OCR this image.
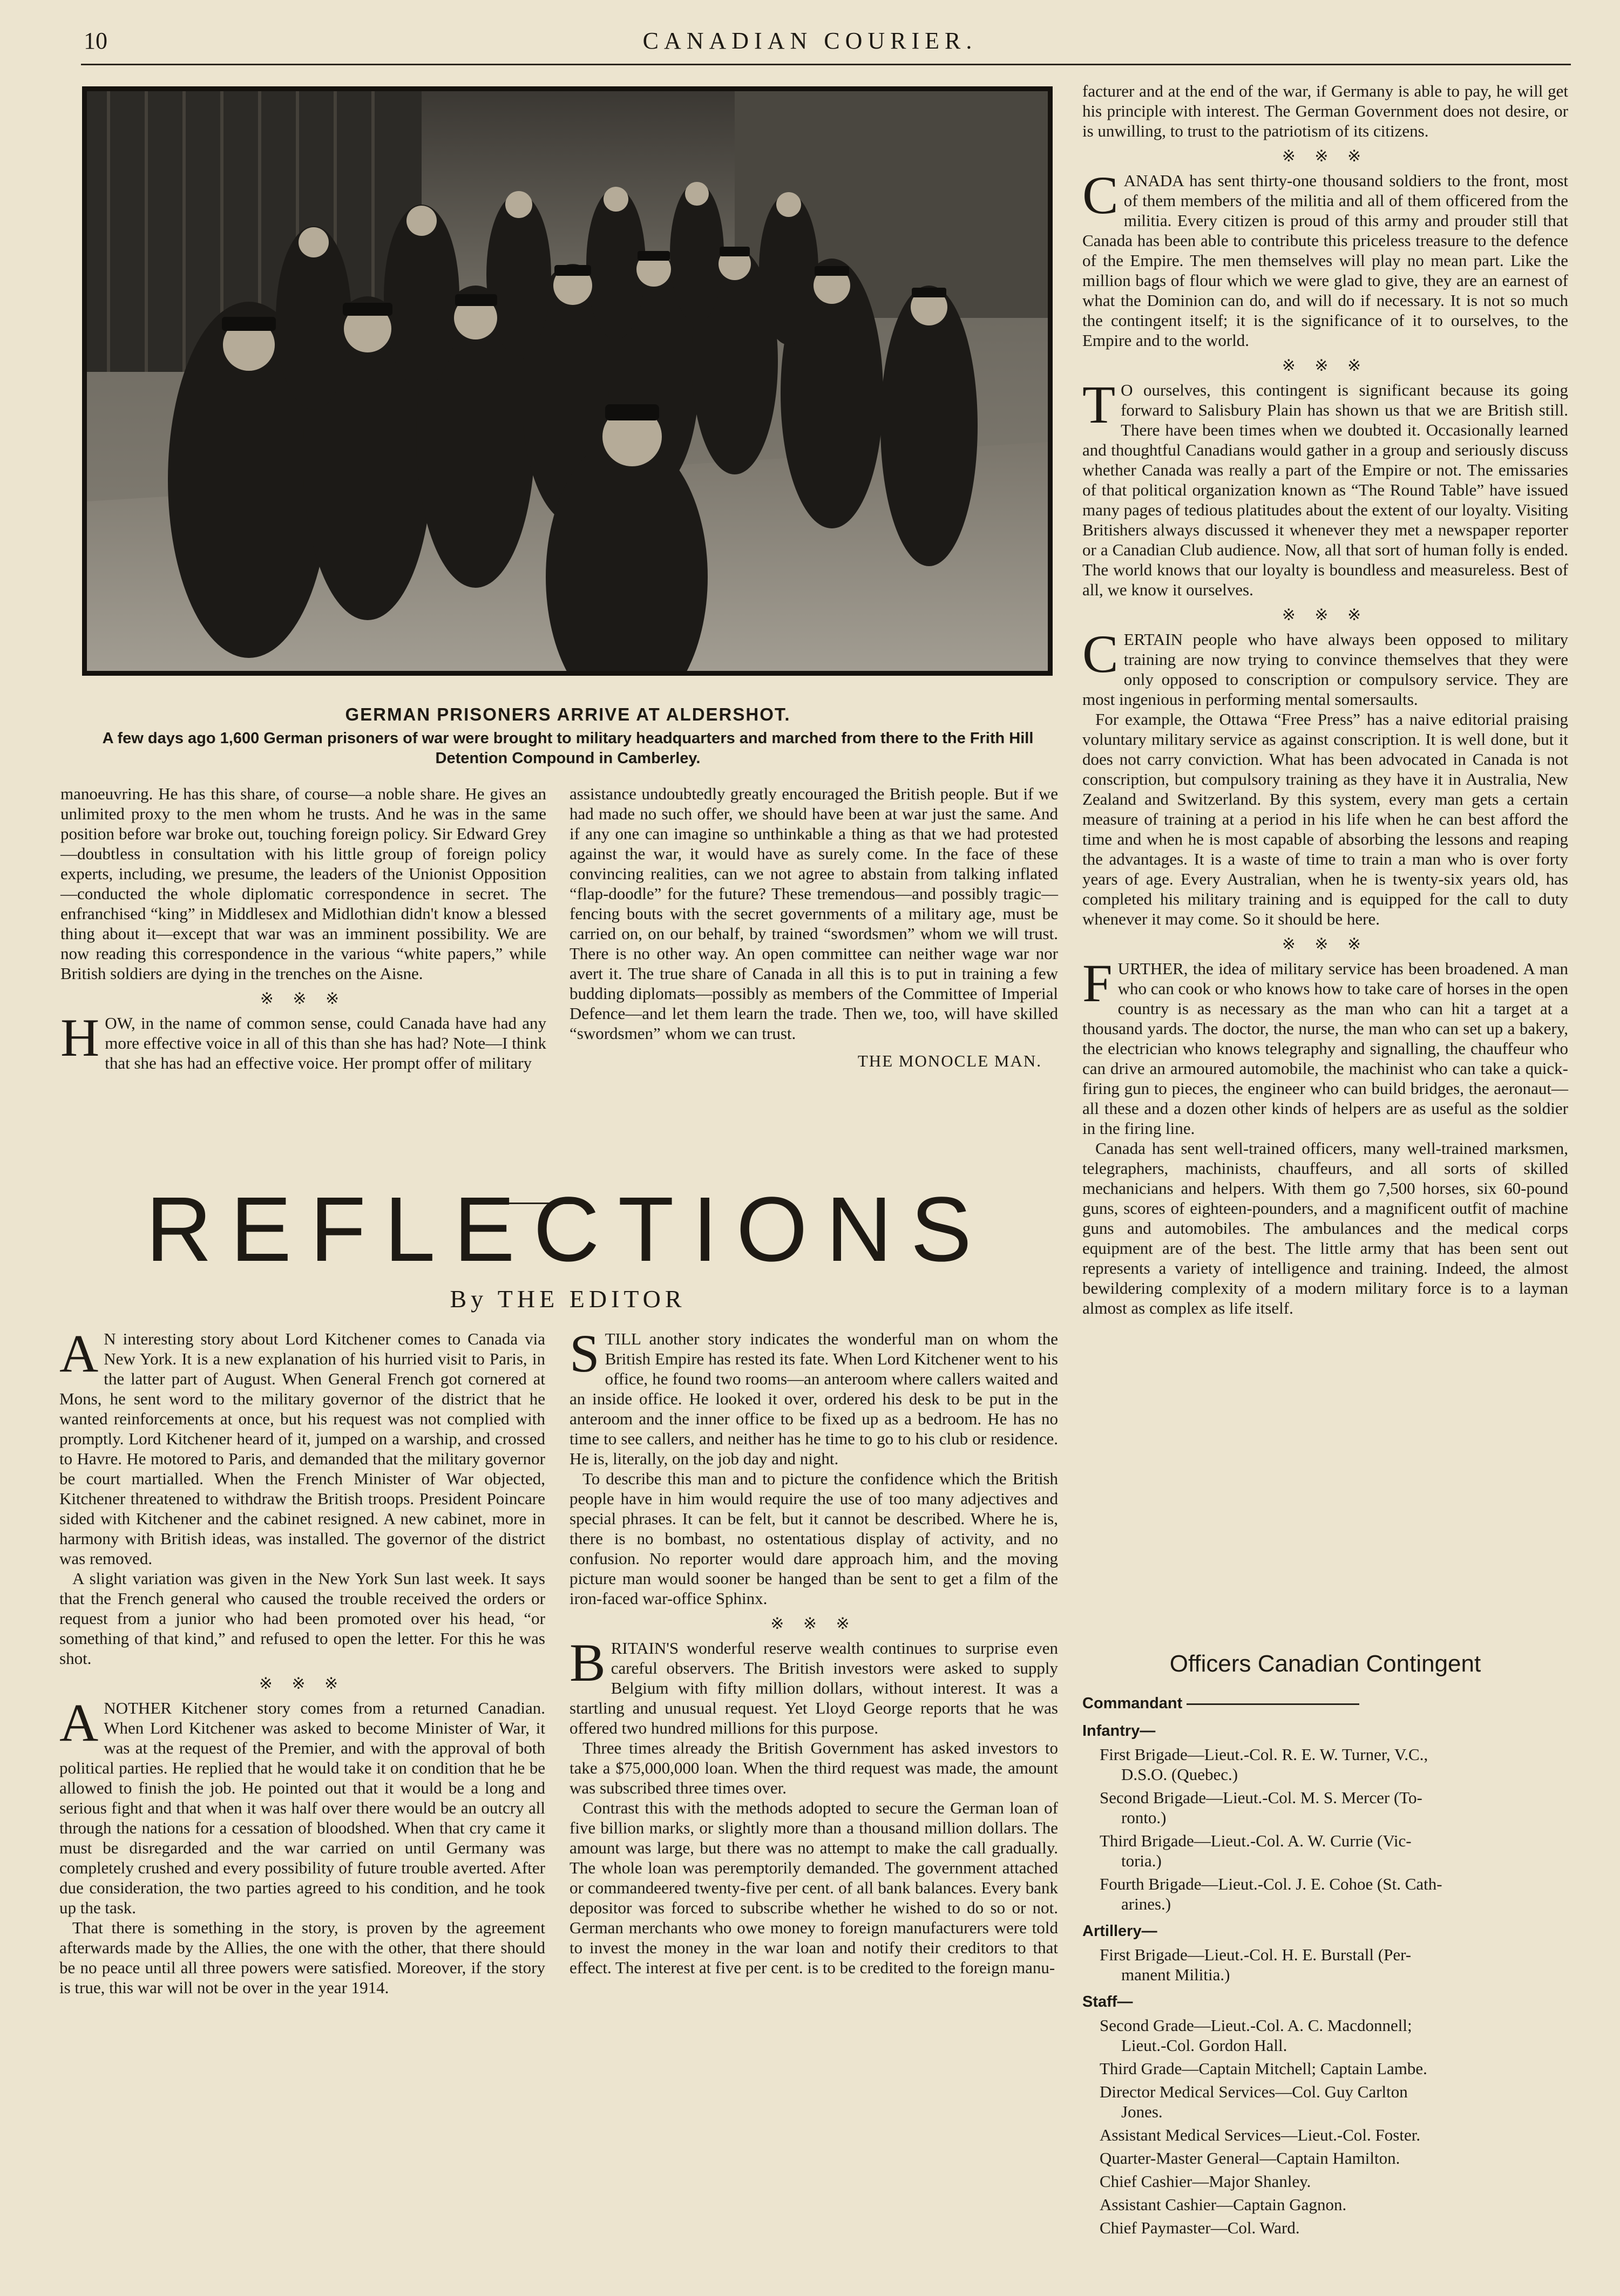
10	CANADIAN COURIER.
GERMAN PRISONERS ARRIVE AT ALDERSHOT.
A few days ago 1,600 German prisoners of war were brought to military headquarters and marched from there to the Frith Hill Detention Compound in Camberley.

manoeuvring. He has this share, of course—a noble share. He gives an unlimited proxy to the men whom he trusts. And he was in the same position before war broke out, touching foreign policy. Sir Edward Grey—doubtless in consultation with his little group of foreign policy experts, including, we presume, the leaders of the Unionist Opposition—conducted the whole diplomatic correspondence in secret. The enfranchised “king” in Middlesex and Midlothian didn't know a blessed thing about it—except that war was an imminent possibility. We are now reading this correspondence in the various “white papers,” while British soldiers are dying in the trenches on the Aisne.

※ ※ ※

HOW, in the name of common sense, could Canada have had any more effective voice in all of this than she has had? Note—I think that she has had an effective voice. Her prompt offer of military

assistance undoubtedly greatly encouraged the British people. But if we had made no such offer, we should have been at war just the same. And if any one can imagine so unthinkable a thing as that we had protested against the war, it would have as surely come. In the face of these convincing realities, can we not agree to abstain from talking inflated “flap-doodle” for the future? These tremendous—and possibly tragic—fencing bouts with the secret governments of a military age, must be carried on, on our behalf, by trained “swordsmen” whom we will trust. There is no other way. An open committee can neither wage war nor avert it. The true share of Canada in all this is to put in training a few budding diplomats—possibly as members of the Committee of Imperial Defence—and let them learn the trade. Then we, too, will have skilled “swordsmen” whom we can trust.

THE MONOCLE MAN.
REFLECTIONS
By THE EDITOR

A N interesting story about Lord Kitchener comes to Canada via New York. It is a new explanation of his hurried visit to Paris, in the latter part of August. When General French got cornered at Mons, he sent word to the military governor of the district that he wanted reinforcements at once, but his request was not complied with promptly. Lord Kitchener heard of it, jumped on a warship, and crossed to Havre. He motored to Paris, and demanded that the military governor be court martialled. When the French Minister of War objected, Kitchener threatened to withdraw the British troops. President Poincare sided with Kitchener and the cabinet resigned. A new cabinet, more in harmony with British ideas, was installed. The governor of the district was removed.

A slight variation was given in the New York Sun last week. It says that the French general who caused the trouble received the orders or request from a junior who had been promoted over his head, “or something of that kind,” and refused to open the letter. For this he was shot.

※ ※ ※

ANOTHER Kitchener story comes from a returned Canadian. When Lord Kitchener was asked to become Minister of War, it was at the request of the Premier, and with the approval of both political parties. He replied that he would take it on condition that he be allowed to finish the job. He pointed out that it would be a long and serious fight and that when it was half over there would be an outcry all through the nations for a cessation of bloodshed. When that cry came it must be disregarded and the war carried on until Germany was completely crushed and every possibility of future trouble averted. After due consideration, the two parties agreed to his condition, and he took up the task.

That there is something in the story, is proven by the agreement afterwards made by the Allies, the one with the other, that there should be no peace until all three powers were satisfied. Moreover, if the story is true, this war will not be over in the year 1914.

STILL another story indicates the wonderful man on whom the British Empire has rested its fate. When Lord Kitchener went to his office, he found two rooms—an anteroom where callers waited and an inside office. He looked it over, ordered his desk to be put in the anteroom and the inner office to be fixed up as a bedroom. He has no time to see callers, and neither has he time to go to his club or residence. He is, literally, on the job day and night.

To describe this man and to picture the confidence which the British people have in him would require the use of too many adjectives and special phrases. It can be felt, but it cannot be described. Where he is, there is no bombast, no ostentatious display of activity, and no confusion. No reporter would dare approach him, and the moving picture man would sooner be hanged than be sent to get a film of the iron-faced war-office Sphinx.

※ ※ ※

BRITAIN'S wonderful reserve wealth continues to surprise even careful observers. The British investors were asked to supply Belgium with fifty million dollars, without interest. It was a startling and unusual request. Yet Lloyd George reports that he was offered two hundred millions for this purpose.

Three times already the British Government has asked investors to take a $75,000,000 loan. When the third request was made, the amount was subscribed three times over.

Contrast this with the methods adopted to secure the German loan of five billion marks, or slightly more than a thousand million dollars. The amount was large, but there was no attempt to make the call gradually. The whole loan was peremptorily demanded. The government attached or commandeered twenty-five per cent. of all bank balances. Every bank depositor was forced to subscribe whether he wished to do so or not. German merchants who owe money to foreign manufacturers were told to invest the money in the war loan and notify their creditors to that effect. The interest at five per cent. is to be credited to the foreign manu-

facturer and at the end of the war, if Germany is able to pay, he will get his principle with interest. The German Government does not desire, or is unwilling, to trust to the patriotism of its citizens.

※ ※ ※

CANADA has sent thirty-one thousand soldiers to the front, most of them members of the militia and all of them officered from the militia. Every citizen is proud of this army and prouder still that Canada has been able to contribute this priceless treasure to the defence of the Empire. The men themselves will play no mean part. Like the million bags of flour which we were glad to give, they are an earnest of what the Dominion can do, and will do if necessary. It is not so much the contingent itself; it is the significance of it to ourselves, to the Empire and to the world.

※ ※ ※

T O ourselves, this contingent is significant because its going forward to Salisbury Plain has shown us that we are British still. There have been times when we doubted it. Occasionally learned and thoughtful Canadians would gather in a group and seriously discuss whether Canada was really a part of the Empire or not. The emissaries of that political organization known as “The Round Table” have issued many pages of tedious platitudes about the extent of our loyalty. Visiting Britishers always discussed it whenever they met a newspaper reporter or a Canadian Club audience. Now, all that sort of human folly is ended. The world knows that our loyalty is boundless and measureless. Best of all, we know it ourselves.

※ ※ ※

CERTAIN people who have always been opposed to military training are now trying to convince themselves that they were only opposed to conscription or compulsory service. They are most ingenious in performing mental somersaults.

For example, the Ottawa “Free Press” has a naive editorial praising voluntary military service as against conscription. It is well done, but it does not carry conviction. What has been advocated in Canada is not conscription, but compulsory training as they have it in Australia, New Zealand and Switzerland. By this system, every man gets a certain measure of training at a period in his life when he can best afford the time and when he is most capable of absorbing the lessons and reaping the advantages. It is a waste of time to train a man who is over forty years of age. Every Australian, when he is twenty-six years old, has completed his military training and is equipped for the call to duty whenever it may come. So it should be here.

※ ※ ※

FURTHER, the idea of military service has been broadened. A man who can cook or who knows how to take care of horses in the open country is as necessary as the man who can hit a target at a thousand yards. The doctor, the nurse, the man who can set up a bakery, the electrician who knows telegraphy and signalling, the chauffeur who can drive an armoured automobile, the machinist who can take a quick-firing gun to pieces, the engineer who can build bridges, the aeronaut—all these and a dozen other kinds of helpers are as useful as the soldier in the firing line.

Canada has sent well-trained officers, many well-trained marksmen, telegraphers, machinists, chauffeurs, and all sorts of skilled mechanicians and helpers. With them go 7,500 horses, six 60-pound guns, scores of eighteen-pounders, and a magnificent outfit of machine guns and automobiles. The ambulances and the medical corps equipment are of the best. The little army that has been sent out represents a variety of intelligence and training. Indeed, the almost bewildering complexity of a modern military force is to a layman almost as complex as life itself.

Officers Canadian Contingent
Commandant
Infantry—
First Brigade—Lieut.-Col. R. E. W. Turner, V.C.,
D.S.O. (Quebec.)
Second Brigade—Lieut.-Col. M. S. Mercer (To-
ronto.)
Third Brigade—Lieut.-Col. A. W. Currie (Vic-
toria.)
Fourth Brigade—Lieut.-Col. J. E. Cohoe (St. Cath-
arines.)
Artillery—
First Brigade—Lieut.-Col. H. E. Burstall (Per-
manent Militia.)
Staff—
Second Grade—Lieut.-Col. A. C. Macdonnell;
Lieut.-Col. Gordon Hall.
Third Grade—Captain Mitchell; Captain Lambe.
Director Medical Services—Col. Guy Carlton
Jones.
Assistant Medical Services—Lieut.-Col. Foster.
Quarter-Master General—Captain Hamilton.
Chief Cashier—Major Shanley.
Assistant Cashier—Captain Gagnon.
Chief Paymaster—Col. Ward.
